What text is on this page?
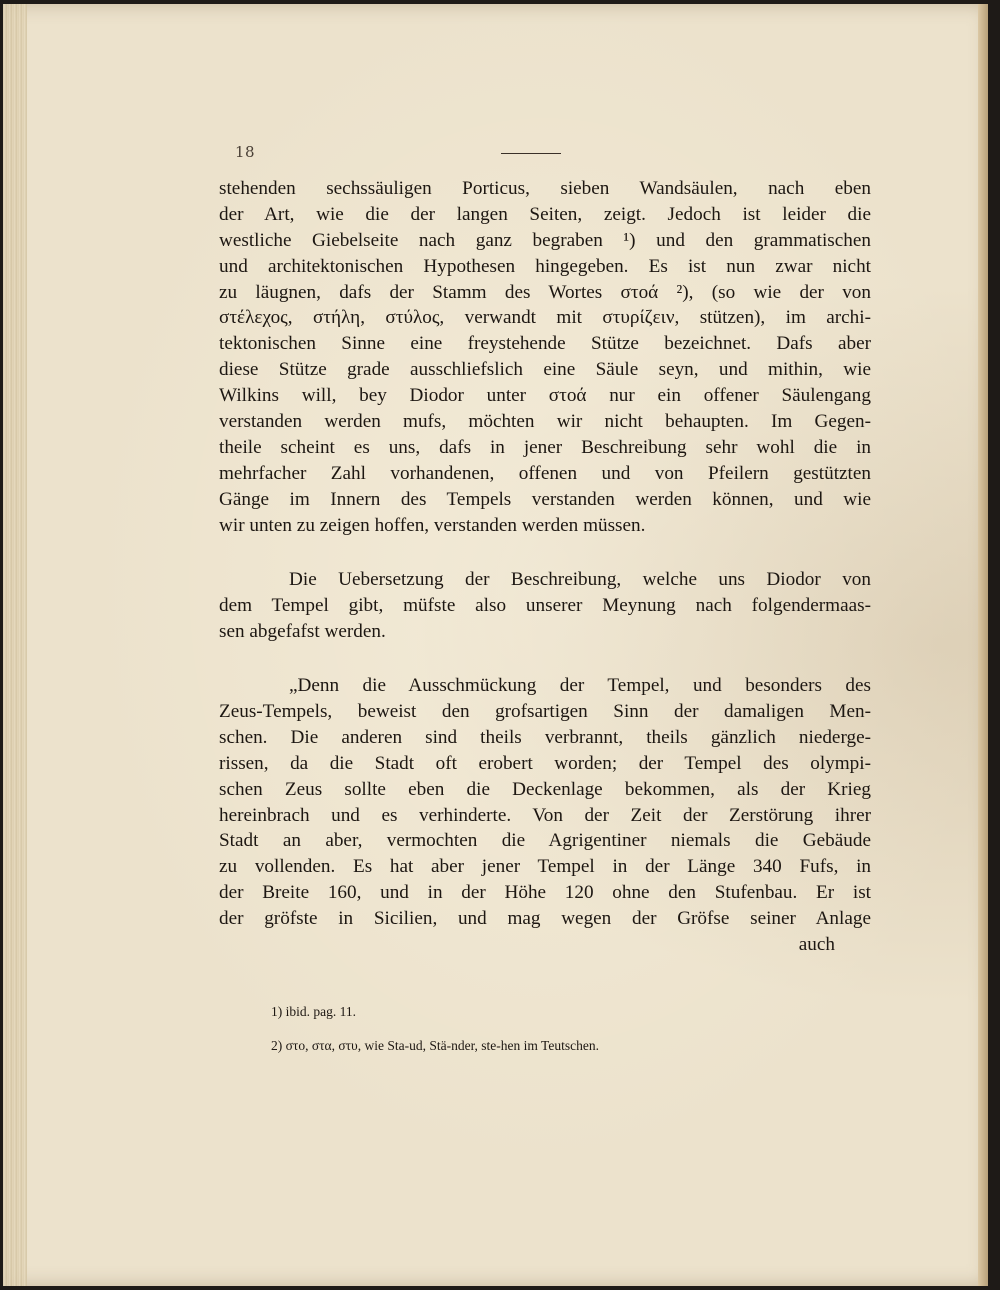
18
stehenden sechssäuligen Porticus, sieben Wandsäulen, nach eben
der Art, wie die der langen Seiten, zeigt. Jedoch ist leider die
westliche Giebelseite nach ganz begraben ¹) und den grammatischen
und architektonischen Hypothesen hingegeben. Es ist nun zwar nicht
zu läugnen, dafs der Stamm des Wortes στοά ²), (so wie der von
στέλεχος, στήλη, στύλος, verwandt mit στυρίζειν, stützen), im archi-
tektonischen Sinne eine freystehende Stütze bezeichnet. Dafs aber
diese Stütze grade ausschliefslich eine Säule seyn, und mithin, wie
Wilkins will, bey Diodor unter στοά nur ein offener Säulengang
verstanden werden mufs, möchten wir nicht behaupten. Im Gegen-
theile scheint es uns, dafs in jener Beschreibung sehr wohl die in
mehrfacher Zahl vorhandenen, offenen und von Pfeilern gestützten
Gänge im Innern des Tempels verstanden werden können, und wie
wir unten zu zeigen hoffen, verstanden werden müssen.
Die Uebersetzung der Beschreibung, welche uns Diodor von
dem Tempel gibt, müfste also unserer Meynung nach folgendermaas-
sen abgefafst werden.
„Denn die Ausschmückung der Tempel, und besonders des
Zeus-Tempels, beweist den grofsartigen Sinn der damaligen Men-
schen. Die anderen sind theils verbrannt, theils gänzlich niederge-
rissen, da die Stadt oft erobert worden; der Tempel des olympi-
schen Zeus sollte eben die Deckenlage bekommen, als der Krieg
hereinbrach und es verhinderte. Von der Zeit der Zerstörung ihrer
Stadt an aber, vermochten die Agrigentiner niemals die Gebäude
zu vollenden. Es hat aber jener Tempel in der Länge 340 Fufs, in
der Breite 160, und in der Höhe 120 ohne den Stufenbau. Er ist
der gröfste in Sicilien, und mag wegen der Gröfse seiner Anlage
auch
1) ibid. pag. 11.
2) στο, στα, στυ, wie Sta-ud, Stä-nder, ste-hen im Teutschen.
